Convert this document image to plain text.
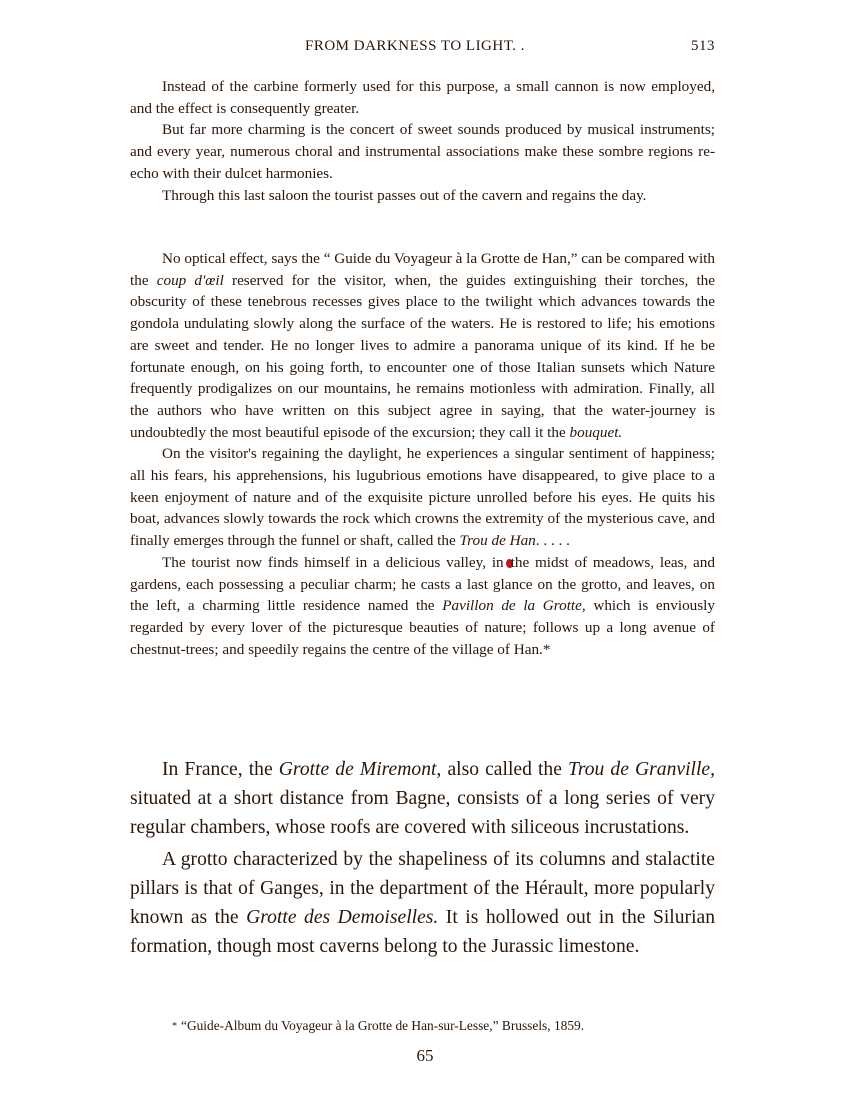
FROM DARKNESS TO LIGHT. .	513

Instead of the carbine formerly used for this purpose, a small cannon is now employed, and the effect is consequently greater.

But far more charming is the concert of sweet sounds produced by musical instruments; and every year, numerous choral and instrumental associations make these sombre regions re-echo with their dulcet harmonies.

Through this last saloon the tourist passes out of the cavern and regains the day.

No optical effect, says the “ Guide du Voyageur à la Grotte de Han,” can be compared with the coup d'œil reserved for the visitor, when, the guides extinguishing their torches, the obscurity of these tenebrous recesses gives place to the twilight which advances towards the gondola undulating slowly along the surface of the waters. He is restored to life; his emotions are sweet and tender. He no longer lives to admire a panorama unique of its kind. If he be fortunate enough, on his going forth, to encounter one of those Italian sunsets which Nature frequently prodigalizes on our mountains, he remains motionless with admiration. Finally, all the authors who have written on this subject agree in saying, that the water-journey is undoubtedly the most beautiful episode of the excursion; they call it the bouquet.

On the visitor's regaining the daylight, he experiences a singular sentiment of happiness; all his fears, his apprehensions, his lugubrious emotions have disappeared, to give place to a keen enjoyment of nature and of the exquisite picture unrolled before his eyes. He quits his boat, advances slowly towards the rock which crowns the extremity of the mysterious cave, and finally emerges through the funnel or shaft, called the Trou de Han. . . . .

The tourist now finds himself in a delicious valley, in the midst of meadows, leas, and gardens, each possessing a peculiar charm; he casts a last glance on the grotto, and leaves, on the left, a charming little residence named the Pavillon de la Grotte, which is enviously regarded by every lover of the picturesque beauties of nature; follows up a long avenue of chestnut-trees; and speedily regains the centre of the village of Han.*

In France, the Grotte de Miremont, also called the Trou de Granville, situated at a short distance from Bagne, consists of a long series of very regular chambers, whose roofs are covered with siliceous incrustations.

A grotto characterized by the shapeliness of its columns and stalactite pillars is that of Ganges, in the department of the Hérault, more popularly known as the Grotte des Demoiselles. It is hollowed out in the Silurian formation, though most caverns belong to the Jurassic limestone.

* “Guide-Album du Voyageur à la Grotte de Han-sur-Lesse,” Brussels, 1859.
65
